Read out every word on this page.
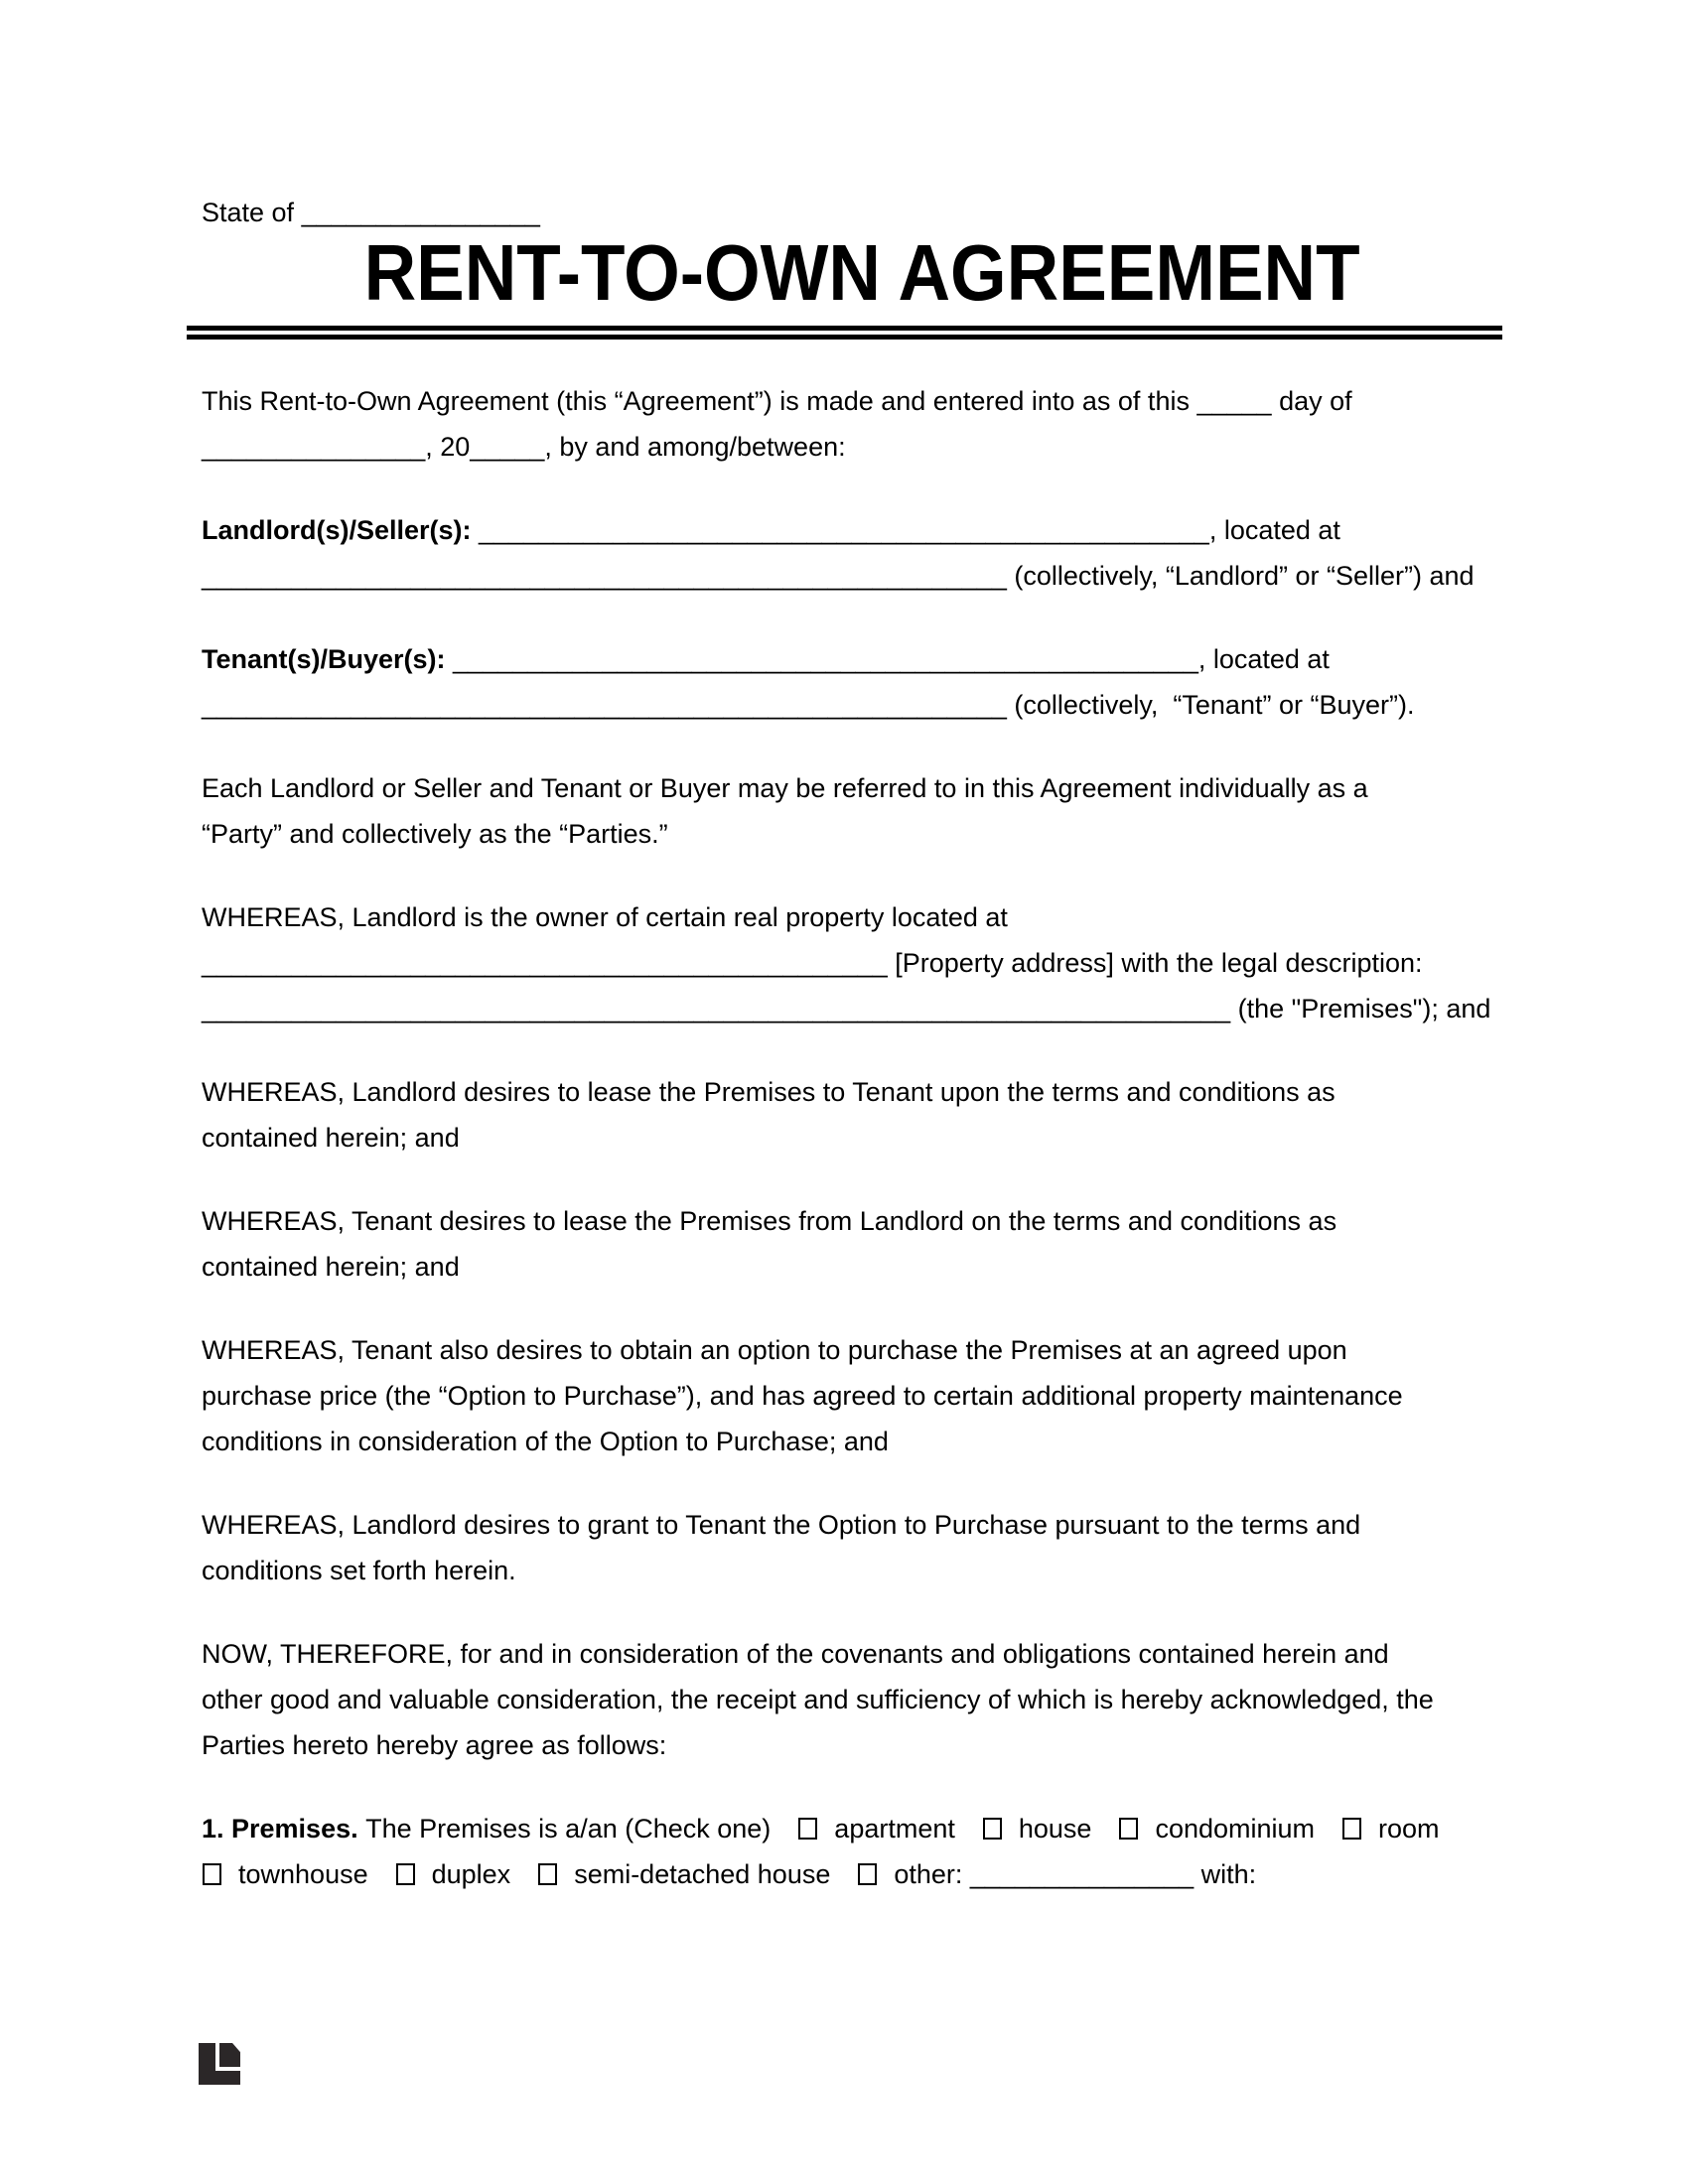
State of ________________

RENT-TO-OWN AGREEMENT

This Rent-to-Own Agreement (this “Agreement”) is made and entered into as of this _____ day of
_______________, 20_____, by and among/between:

Landlord(s)/Seller(s): _________________________________________________, located at
______________________________________________________ (collectively, “Landlord” or “Seller”) and

Tenant(s)/Buyer(s): __________________________________________________, located at
______________________________________________________ (collectively,  “Tenant” or “Buyer”).

Each Landlord or Seller and Tenant or Buyer may be referred to in this Agreement individually as a
“Party” and collectively as the “Parties.”

WHEREAS, Landlord is the owner of certain real property located at
______________________________________________ [Property address] with the legal description:
_____________________________________________________________________ (the "Premises"); and

WHEREAS, Landlord desires to lease the Premises to Tenant upon the terms and conditions as
contained herein; and

WHEREAS, Tenant desires to lease the Premises from Landlord on the terms and conditions as
contained herein; and

WHEREAS, Tenant also desires to obtain an option to purchase the Premises at an agreed upon
purchase price (the “Option to Purchase”), and has agreed to certain additional property maintenance
conditions in consideration of the Option to Purchase; and

WHEREAS, Landlord desires to grant to Tenant the Option to Purchase pursuant to the terms and
conditions set forth herein.

NOW, THEREFORE, for and in consideration of the covenants and obligations contained herein and
other good and valuable consideration, the receipt and sufficiency of which is hereby acknowledged, the
Parties hereto hereby agree as follows:

1. Premises. The Premises is a/an (Check one) apartment house condominium room
townhouse duplex semi-detached house other: _______________ with:
